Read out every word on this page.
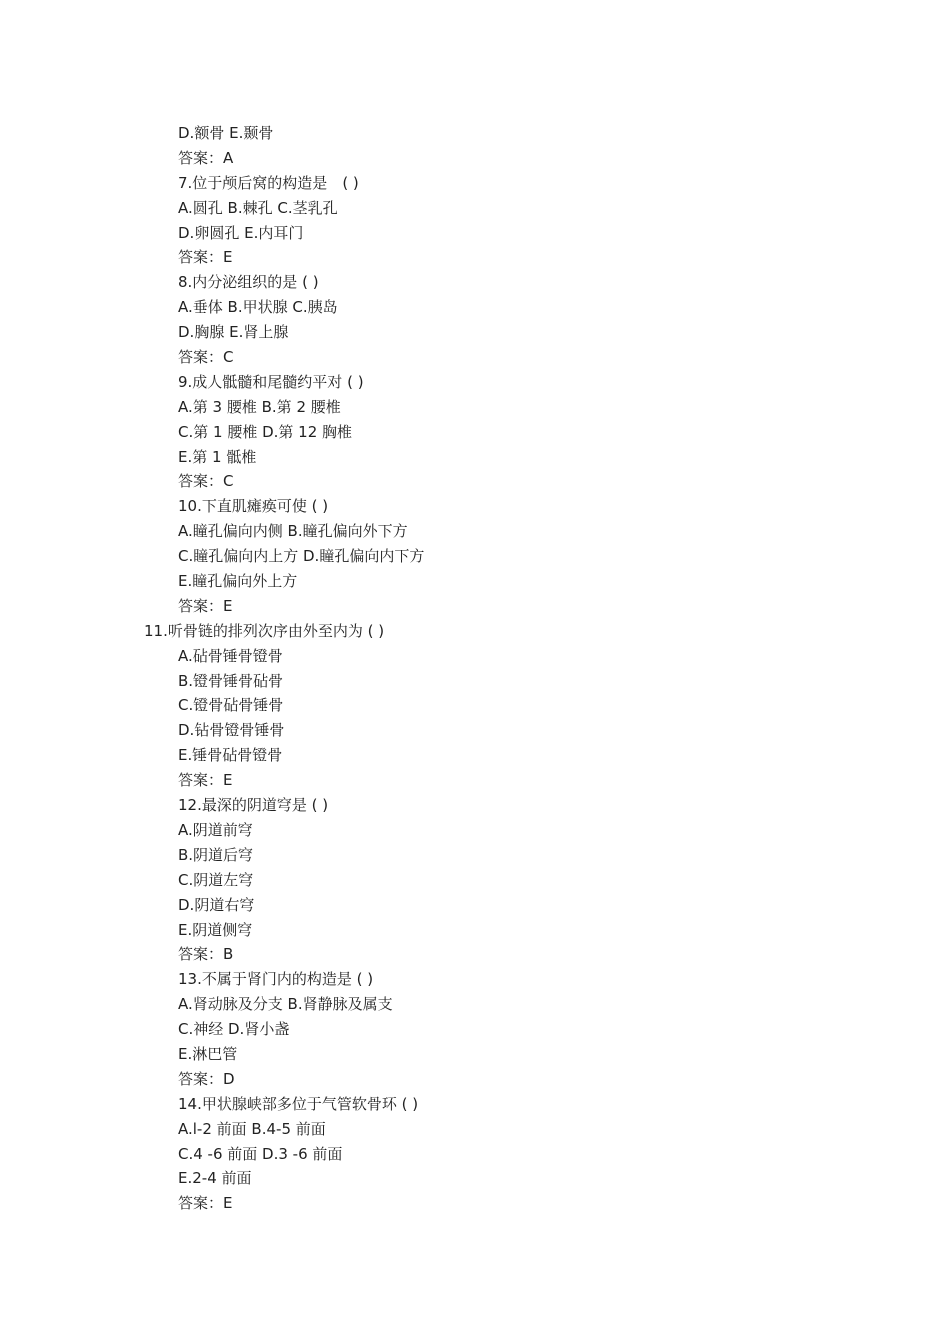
D.额骨 E.颞骨
答案：A
7.位于颅后窝的构造是　( )
A.圆孔 B.棘孔 C.茎乳孔
D.卵圆孔 E.内耳门
答案：E
8.内分泌组织的是 ( )
A.垂体 B.甲状腺 C.胰岛
D.胸腺 E.肾上腺
答案：C
9.成人骶髓和尾髓约平对 ( )
A.第 3 腰椎 B.第 2 腰椎
C.第 1 腰椎 D.第 12 胸椎
E.第 1 骶椎
答案：C
10.下直肌瘫痪可使 ( )
A.瞳孔偏向内侧 B.瞳孔偏向外下方
C.瞳孔偏向内上方 D.瞳孔偏向内下方
E.瞳孔偏向外上方
答案：E
11.听骨链的排列次序由外至内为 ( )
A.砧骨锤骨镫骨
B.镫骨锤骨砧骨
C.镫骨砧骨锤骨
D.钻骨镫骨锤骨
E.锤骨砧骨镫骨
答案：E
12.最深的阴道穹是 ( )
A.阴道前穹
B.阴道后穹
C.阴道左穹
D.阴道右穹
E.阴道侧穹
答案：B
13.不属于肾门内的构造是 ( )
A.肾动脉及分支 B.肾静脉及属支
C.神经 D.肾小盏
E.淋巴管
答案：D
14.甲状腺峡部多位于气管软骨环 ( )
A.l-2 前面 B.4-5 前面
C.4 -6 前面 D.3 -6 前面
E.2-4 前面
答案：E
